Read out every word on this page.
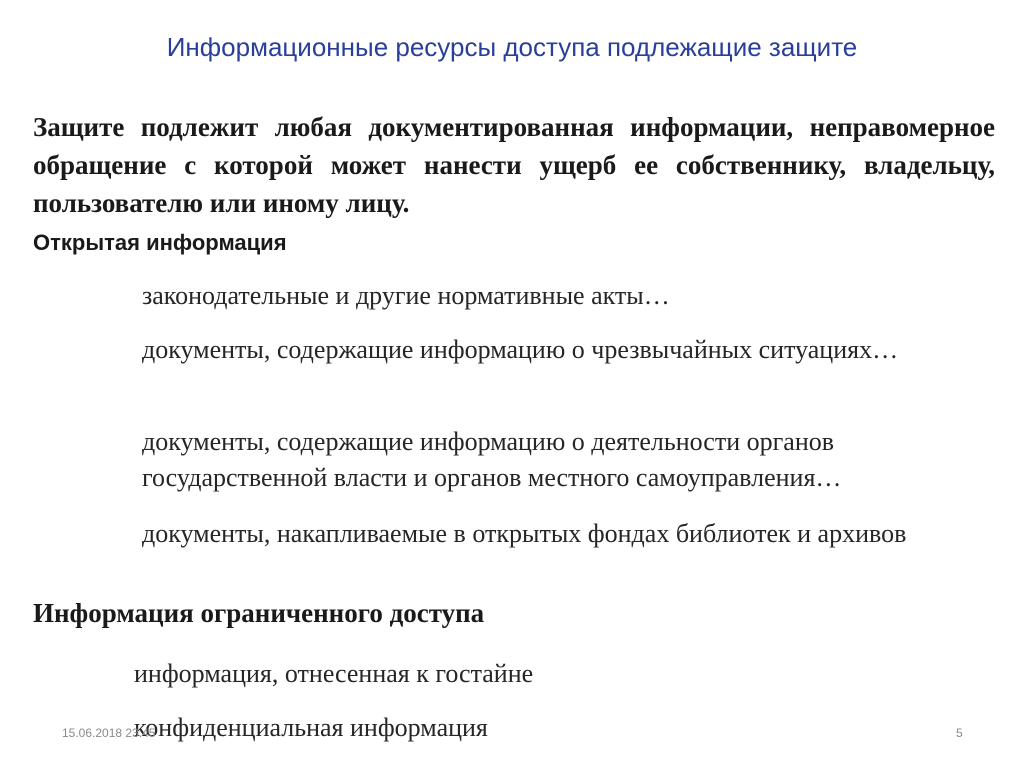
Информационные ресурсы доступа подлежащие защите
Защите подлежит любая документированная информации, неправомерное обращение с которой может нанести ущерб ее собственнику, владельцу, пользователю или иному лицу.
Открытая информация
законодательные и другие нормативные акты…
документы, содержащие информацию о чрезвычайных ситуациях…
документы, содержащие информацию о деятельности органов государственной власти и органов местного самоуправления…
документы, накапливаемые в открытых фондах библиотек и архивов
Информация ограниченного доступа
информация, отнесенная к гостайне
конфиденциальная информация
15.06.2018 23:45	5
